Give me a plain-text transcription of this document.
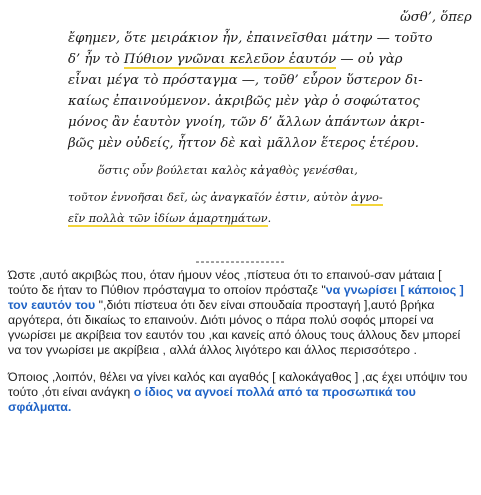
ὥσθ’, ὅπερ
ἔφημεν, ὅτε μειράκιον ἦν, ἐπαινεῖσθαι μάτην — τοῦτο
δ’ ἦν τὸ Πύθιον γνῶναι κελεῦον ἑαυτόν — οὐ γὰρ
εἶναι μέγα τὸ πρόσταγμα —, τοῦθ’ εὗρον ὕστερον δι-
καίως ἐπαινούμενον. ἀκριβῶς μὲν γὰρ ὁ σοφώτατος
μόνος ἂν ἑαυτὸν γνοίη, τῶν δ’ ἄλλων ἁπάντων ἀκρι-
βῶς μὲν οὐδείς, ἧττον δὲ καὶ μᾶλλον ἕτερος ἑτέρου.
ὅστις οὖν βούλεται καλὸς κἀγαθὸς γενέσθαι,
τοῦτον ἐννοῆσαι δεῖ, ὡς ἀναγκαῖόν ἐστιν, αὐτὸν ἀγνο-
εῖν πολλὰ τῶν ἰδίων ἁμαρτημάτων.
------------------

Ώστε ,αυτό ακριβώς που, όταν ήμουν νέος ,πίστευα ότι το επαινού-σαν μάταια [ τούτο δε ήταν το Πύθιον πρόσταγμα το οποίον πρόσταζε "να γνωρίσει [ κάποιος ] τον εαυτόν του ",διότι πίστευα ότι δεν είναι σπουδαία προσταγή ],αυτό βρήκα αργότερα, ότι δικαίως το επαινούν. Διότι μόνος ο πάρα πολύ σοφός μπορεί να γνωρίσει με ακρίβεια τον εαυτόν του ,και κανείς από όλους τους άλλους δεν μπορεί να τον γνωρίσει με ακρίβεια , αλλά άλλος λιγότερο και άλλος περισσότερο .

Όποιος ,λοιπόν, θέλει να γίνει καλός και αγαθός [ καλοκάγαθος ] ,ας έχει υπόψιν του τούτο ,ότι είναι ανάγκη ο ίδιος να αγνοεί πολλά από τα προσωπικά του σφάλματα.
